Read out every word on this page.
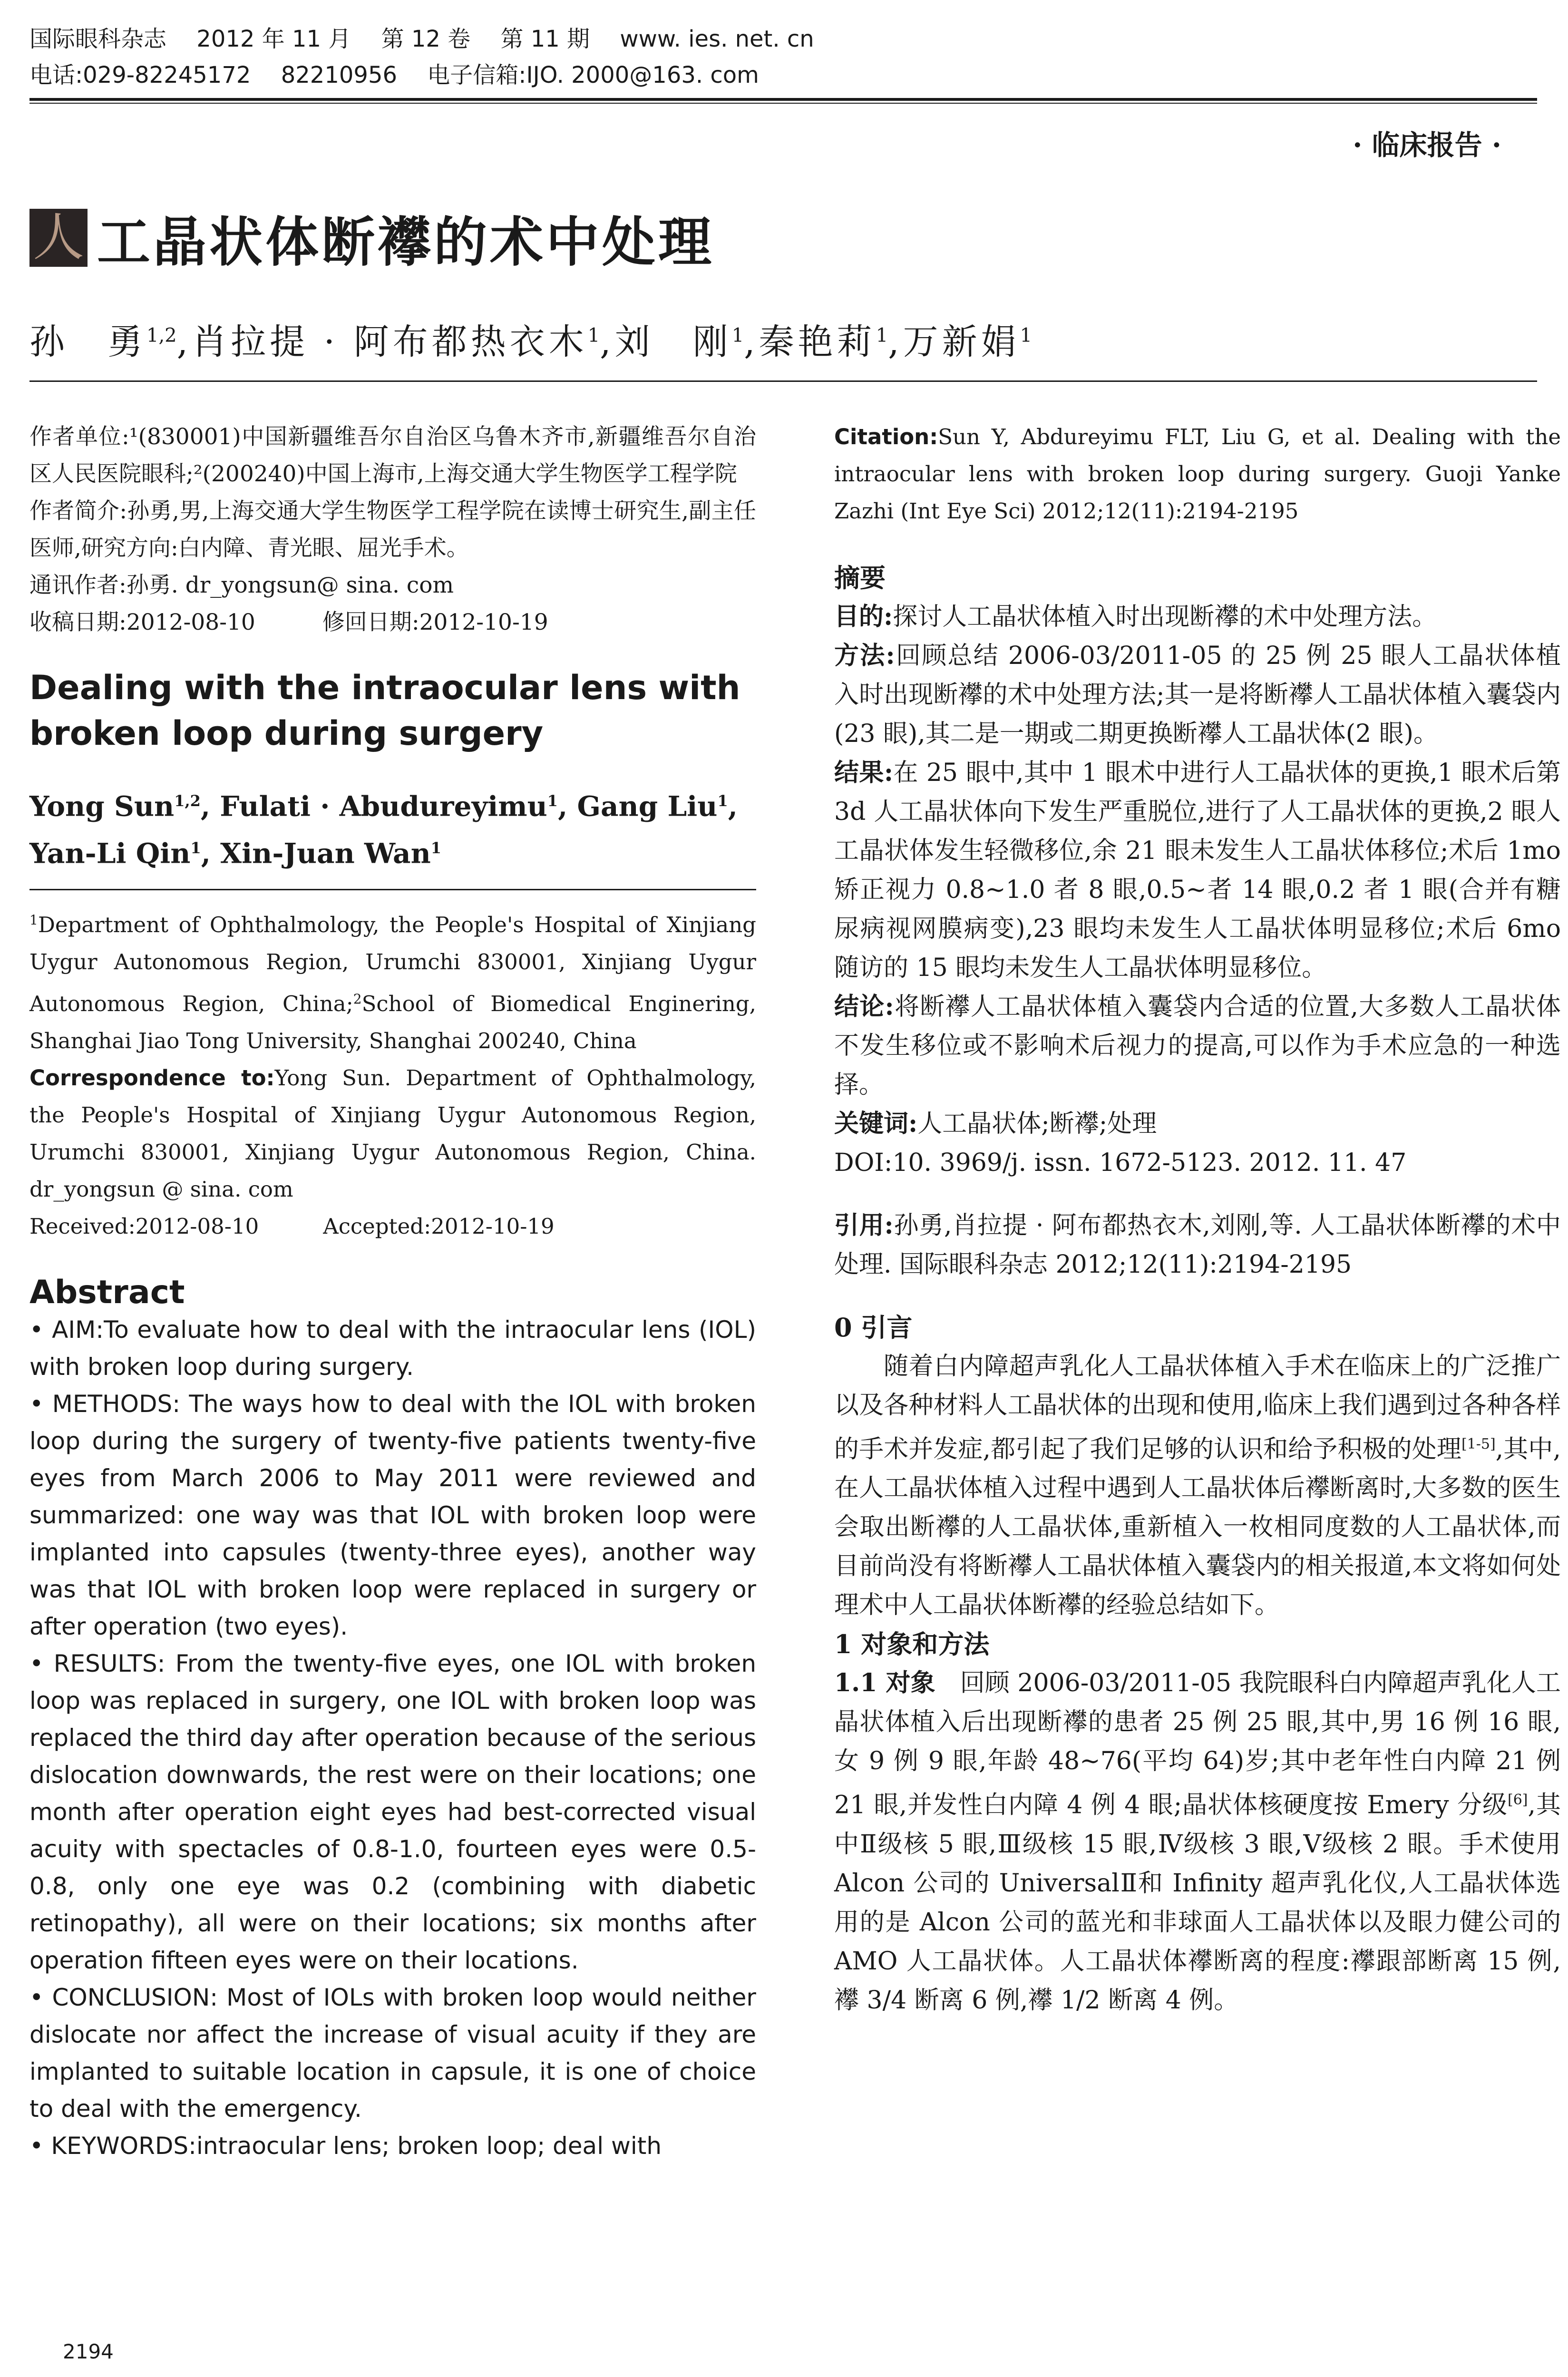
国际眼科杂志 2012 年 11 月 第 12 卷 第 11 期 www. ies. net. cn
电话:029-82245172 82210956 电子信箱:IJO. 2000@163. com
· 临床报告 ·
人 工晶状体断襻的术中处理
孙　勇$^{1,2}$,肖拉提 · 阿布都热衣木$^1$,刘　刚$^1$,秦艳莉$^1$,万新娟$^1$

作者单位:¹(830001)中国新疆维吾尔自治区乌鲁木齐市,新疆维吾尔自治区人民医院眼科;²(200240)中国上海市,上海交通大学生物医学工程学院

作者简介:孙勇,男,上海交通大学生物医学工程学院在读博士研究生,副主任医师,研究方向:白内障、青光眼、屈光手术。

通讯作者:孙勇. dr_yongsun@ sina. com

收稿日期:2012-08-10　　　修回日期:2012-10-19

Dealing with the intraocular lens with broken loop during surgery

Yong Sun$^{1,2}$, Fulati · Abudureyimu$^1$, Gang Liu$^1$, Yan-Li Qin$^1$, Xin-Juan Wan$^1$
$^1$Department of Ophthalmology, the People's Hospital of Xinjiang Uygur Autonomous Region, Urumchi 830001, Xinjiang Uygur Autonomous Region, China;$^2$School of Biomedical Enginering, Shanghai Jiao Tong University, Shanghai 200240, China
Correspondence to:Yong Sun. Department of Ophthalmology, the People's Hospital of Xinjiang Uygur Autonomous Region, Urumchi 830001, Xinjiang Uygur Autonomous Region, China. dr_yongsun @ sina. com
Received:2012-08-10　　　Accepted:2012-10-19
Abstract

• AIM:To evaluate how to deal with the intraocular lens (IOL) with broken loop during surgery.

• METHODS: The ways how to deal with the IOL with broken loop during the surgery of twenty-five patients twenty-five eyes from March 2006 to May 2011 were reviewed and summarized: one way was that IOL with broken loop were implanted into capsules (twenty-three eyes), another way was that IOL with broken loop were replaced in surgery or after operation (two eyes).

• RESULTS: From the twenty-five eyes, one IOL with broken loop was replaced in surgery, one IOL with broken loop was replaced the third day after operation because of the serious dislocation downwards, the rest were on their locations; one month after operation eight eyes had best-corrected visual acuity with spectacles of 0.8-1.0, fourteen eyes were 0.5-0.8, only one eye was 0.2 (combining with diabetic retinopathy), all were on their locations; six months after operation fifteen eyes were on their locations.

• CONCLUSION: Most of IOLs with broken loop would neither dislocate nor affect the increase of visual acuity if they are implanted to suitable location in capsule, it is one of choice to deal with the emergency.

• KEYWORDS:intraocular lens; broken loop; deal with

Citation:Sun Y, Abdureyimu FLT, Liu G, et al. Dealing with the intraocular lens with broken loop during surgery. Guoji Yanke Zazhi (Int Eye Sci) 2012;12(11):2194-2195
摘要

目的:探讨人工晶状体植入时出现断襻的术中处理方法。

方法:回顾总结 2006-03/2011-05 的 25 例 25 眼人工晶状体植入时出现断襻的术中处理方法;其一是将断襻人工晶状体植入囊袋内(23 眼),其二是一期或二期更换断襻人工晶状体(2 眼)。

结果:在 25 眼中,其中 1 眼术中进行人工晶状体的更换,1 眼术后第 3d 人工晶状体向下发生严重脱位,进行了人工晶状体的更换,2 眼人工晶状体发生轻微移位,余 21 眼未发生人工晶状体移位;术后 1mo 矫正视力 0.8~1.0 者 8 眼,0.5~者 14 眼,0.2 者 1 眼(合并有糖尿病视网膜病变),23 眼均未发生人工晶状体明显移位;术后 6mo 随访的 15 眼均未发生人工晶状体明显移位。

结论:将断襻人工晶状体植入囊袋内合适的位置,大多数人工晶状体不发生移位或不影响术后视力的提高,可以作为手术应急的一种选择。

关键词:人工晶状体;断襻;处理

DOI:10. 3969/j. issn. 1672-5123. 2012. 11. 47

引用:孙勇,肖拉提 · 阿布都热衣木,刘刚,等. 人工晶状体断襻的术中处理. 国际眼科杂志 2012;12(11):2194-2195

0 引言

随着白内障超声乳化人工晶状体植入手术在临床上的广泛推广以及各种材料人工晶状体的出现和使用,临床上我们遇到过各种各样的手术并发症,都引起了我们足够的认识和给予积极的处理[1-5],其中,在人工晶状体植入过程中遇到人工晶状体后襻断离时,大多数的医生会取出断襻的人工晶状体,重新植入一枚相同度数的人工晶状体,而目前尚没有将断襻人工晶状体植入囊袋内的相关报道,本文将如何处理术中人工晶状体断襻的经验总结如下。

1 对象和方法

1.1 对象　回顾 2006-03/2011-05 我院眼科白内障超声乳化人工晶状体植入后出现断襻的患者 25 例 25 眼,其中,男 16 例 16 眼,女 9 例 9 眼,年龄 48~76(平均 64)岁;其中老年性白内障 21 例 21 眼,并发性白内障 4 例 4 眼;晶状体核硬度按 Emery 分级[6],其中Ⅱ级核 5 眼,Ⅲ级核 15 眼,Ⅳ级核 3 眼,Ⅴ级核 2 眼。手术使用 Alcon 公司的 UniversalⅡ和 Infinity 超声乳化仪,人工晶状体选用的是 Alcon 公司的蓝光和非球面人工晶状体以及眼力健公司的 AMO 人工晶状体。人工晶状体襻断离的程度:襻跟部断离 15 例,襻 3/4 断离 6 例,襻 1/2 断离 4 例。

2194
